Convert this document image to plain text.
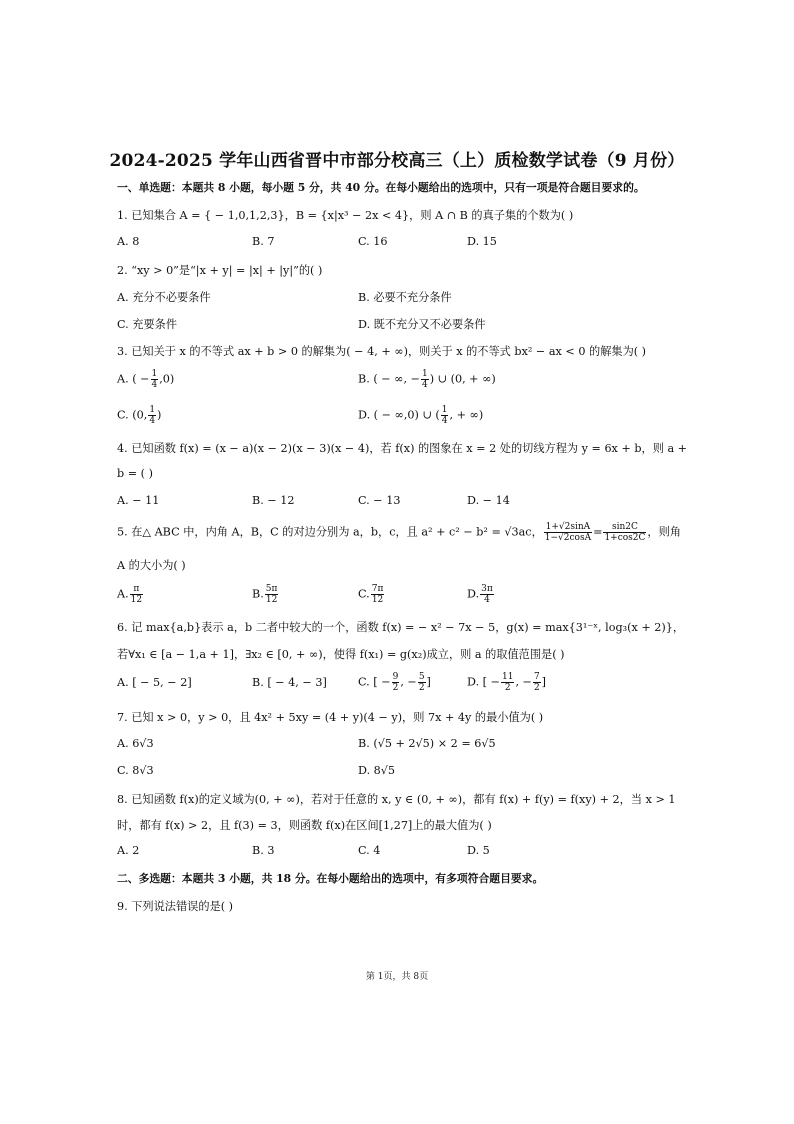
2024-2025 学年山西省晋中市部分校高三（上）质检数学试卷（9 月份）
一、单选题：本题共 8 小题，每小题 5 分，共 40 分。在每小题给出的选项中，只有一项是符合题目要求的。
1. 已知集合 A = { − 1,0,1,2,3}，B = {x|x³ − 2x < 4}，则 A ∩ B 的真子集的个数为( )
A. 8	B. 7	C. 16	D. 15
2. “xy > 0”是“|x + y| = |x| + |y|”的( )
A. 充分不必要条件	B. 必要不充分条件
C. 充要条件	D. 既不充分又不必要条件
3. 已知关于 x 的不等式 ax + b > 0 的解集为( − 4, + ∞)，则关于 x 的不等式 bx² − ax < 0 的解集为( )
A. ( − $\frac{1}{4} ,0$)	B. ( − ∞, − $\frac{1}{4}$ ) ∪ (0, + ∞)
C. (0, $\frac{1}{4}$ )	D. ( − ∞,0) ∪ ( $\frac{1}{4}$ , + ∞)
4. 已知函数 f(x) = (x − a)(x − 2)(x − 3)(x − 4)，若 f(x) 的图象在 x = 2 处的切线方程为 y = 6x + b，则 a +
b = ( )
A. − 11	B. − 12	C. − 13	D. − 14
5. 在△ ABC 中，内角 A，B，C 的对边分别为 a，b，c，且 a² + c² − b² = √3ac， $\frac{1+√2\sin A}{1-√2\cos A} = \frac{\sin 2C}{1+\cos 2C}$ ，则角
A 的大小为( )
A. $\frac{\pi}{12}$	B. $\frac{5\pi}{12}$	C. $\frac{7\pi}{12}$	D. $\frac{3\pi}{4}$
6. 记 max{a,b}表示 a，b 二者中较大的一个，函数 f(x) = − x² − 7x − 5，g(x) = max{3¹⁻ˣ, log₃(x + 2)}，
若∀x₁ ∈ [a − 1,a + 1]，∃x₂ ∈ [0, + ∞)，使得 f(x₁) = g(x₂)成立，则 a 的取值范围是( )
A. [ − 5, − 2]	B. [ − 4, − 3]	C. [ − $\frac{9}{2}$ , − $\frac{5}{2}$ ]	D. [ − $\frac{11}{2}$ , − $\frac{7}{2}$ ]
7. 已知 x > 0，y > 0，且 4x² + 5xy = (4 + y)(4 − y)，则 7x + 4y 的最小值为( )
A. 6√3	B. (√5 + 2√5) × 2 = 6√5
C. 8√3	D. 8√5
8. 已知函数 f(x)的定义域为(0, + ∞)，若对于任意的 x, y ∈ (0, + ∞)，都有 f(x) + f(y) = f(xy) + 2，当 x > 1
时，都有 f(x) > 2，且 f(3) = 3，则函数 f(x)在区间[1,27]上的最大值为( )
A. 2	B. 3	C. 4	D. 5
二、多选题：本题共 3 小题，共 18 分。在每小题给出的选项中，有多项符合题目要求。
9. 下列说法错误的是( )
第 1页，共 8页
